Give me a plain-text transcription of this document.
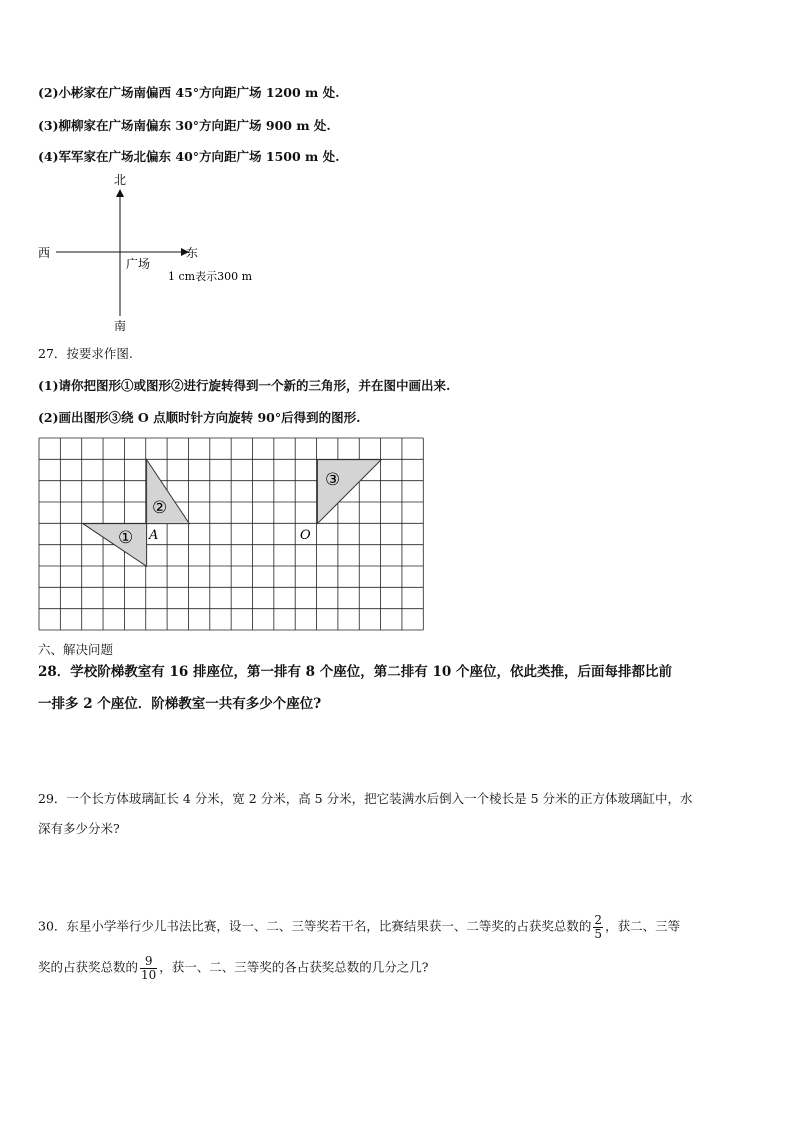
(2)小彬家在广场南偏西 45°方向距广场 1200 m 处.
(3)柳柳家在广场南偏东 30°方向距广场 900 m 处.
(4)军军家在广场北偏东 40°方向距广场 1500 m 处.
北
南
西	东
广场
1 cm表示300 m
27．按要求作图.
(1)请你把图形①或图形②进行旋转得到一个新的三角形，并在图中画出来.
(2)画出图形③绕 O 点顺时针方向旋转 90°后得到的图形.
①
②
③
A	O
六、解决问题
28．学校阶梯教室有 16 排座位，第一排有 8 个座位，第二排有 10 个座位，依此类推，后面每排都比前
一排多 2 个座位．阶梯教室一共有多少个座位?
29．一个长方体玻璃缸长 4 分米，宽 2 分米，高 5 分米，把它装满水后倒入一个棱长是 5 分米的正方体玻璃缸中，水
深有多少分米?
30．东星小学举行少儿书法比赛，设一、二、三等奖若干名，比赛结果获一、二等奖的占获奖总数的 $\frac{2}{5}$ ，获二、三等
奖的占获奖总数的 $\frac{9}{10}$ ，获一、二、三等奖的各占获奖总数的几分之几?
